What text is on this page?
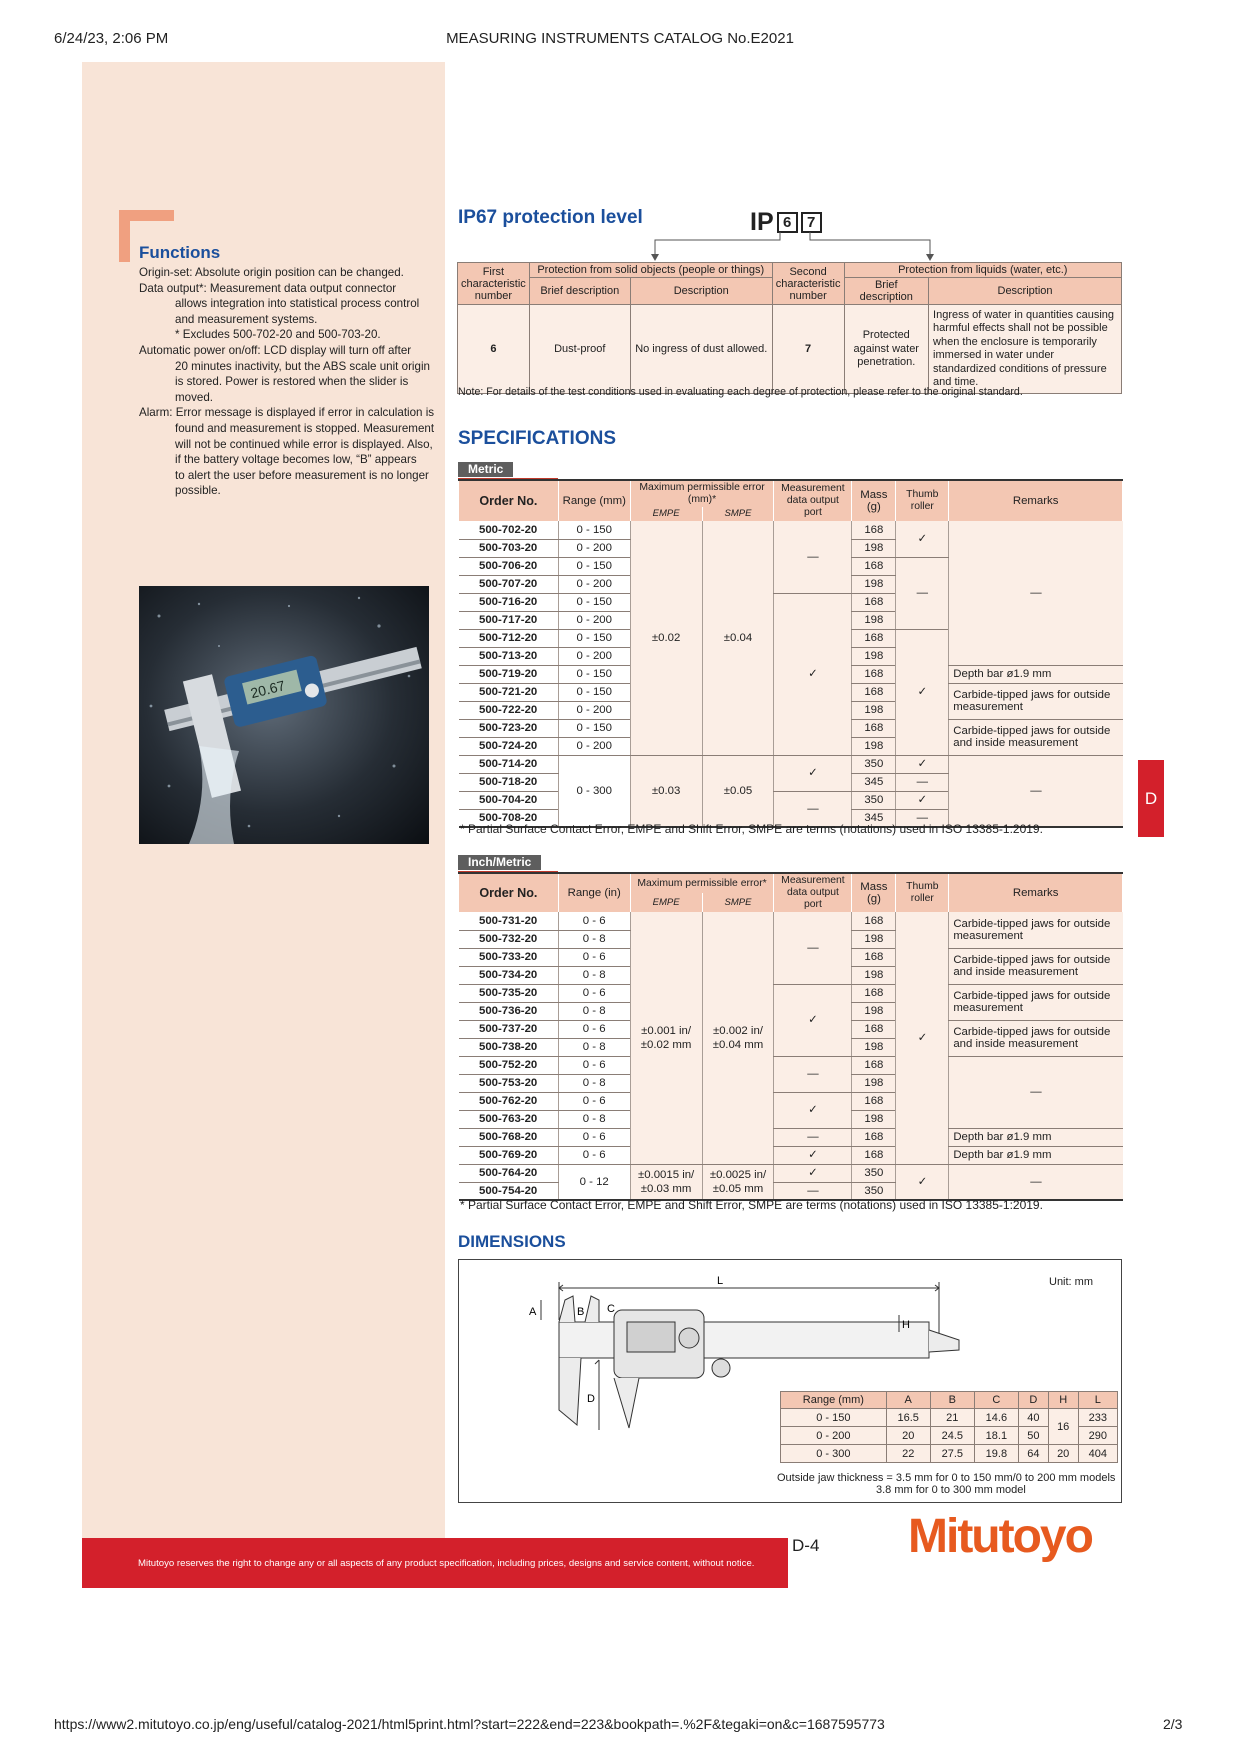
6/24/23, 2:06 PM	MEASURING INSTRUMENTS CATALOG No.E2021
Functions
Origin-set: Absolute origin position can be changed.
Data output*: Measurement data output connector
allows integration into statistical process control
and measurement systems.
* Excludes 500-702-20 and 500-703-20.
Automatic power on/off: LCD display will turn off after
20 minutes inactivity, but the ABS scale unit origin
is stored. Power is restored when the slider is
moved.
Alarm: Error message is displayed if error in calculation is
found and measurement is stopped. Measurement
will not be continued while error is displayed. Also,
if the battery voltage becomes low, “B” appears
to alert the user before measurement is no longer
possible.
20.67
IP67 protection level	IP 6	7
First characteristic number	Protection from solid objects (people or things)		Second characteristic number	Protection from liquids (water, etc.)	
	Brief description	Description		Brief description	Description
6	Dust-proof	No ingress of dust allowed.	7	Protected against water penetration.	Ingress of water in quantities causing harmful effects shall not be possible when the enclosure is temporarily immersed in water under standardized conditions of pressure and time.
Note: For details of the test conditions used in evaluating each degree of protection, please refer to the original standard.
SPECIFICATIONS
Metric
Order No.	Range (mm)	Maximum permissible error (mm)*		Measurement data output port	Mass (g)	Thumb roller	Remarks
		EMPE	SMPE				
500-702-20	0 - 150	±0.02	±0.04	—	168	✓	—
500-703-20	0 - 200				198		
500-706-20	0 - 150				168	—	
500-707-20	0 - 200				198		
500-716-20	0 - 150			✓	168		
500-717-20	0 - 200				198		
500-712-20	0 - 150				168	✓	
500-713-20	0 - 200				198		
500-719-20	0 - 150				168		Depth bar ø1.9 mm
500-721-20	0 - 150				168		Carbide-tipped jaws for outside measurement
500-722-20	0 - 200				198		
500-723-20	0 - 150				168		Carbide-tipped jaws for outside and inside measurement
500-724-20	0 - 200				198		
500-714-20	0 - 300	±0.03	±0.05	✓	350	✓	—
500-718-20					345	—	
500-704-20				—	350	✓	
500-708-20					345	—	
* Partial Surface Contact Error, EMPE and Shift Error, SMPE are terms (notations) used in ISO 13385-1:2019.
Inch/Metric
Order No.	Range (in)	Maximum permissible error*		Measurement data output port	Mass (g)	Thumb roller	Remarks
		EMPE	SMPE				
500-731-20	0 - 6	±0.001 in/ ±0.02 mm	±0.002 in/ ±0.04 mm	—	168	✓	Carbide-tipped jaws for outside measurement
500-732-20	0 - 8				198		
500-733-20	0 - 6				168		Carbide-tipped jaws for outside and inside measurement
500-734-20	0 - 8				198		
500-735-20	0 - 6			✓	168		Carbide-tipped jaws for outside measurement
500-736-20	0 - 8				198		
500-737-20	0 - 6				168		Carbide-tipped jaws for outside and inside measurement
500-738-20	0 - 8				198		
500-752-20	0 - 6			—	168		—
500-753-20	0 - 8				198		
500-762-20	0 - 6			✓	168		
500-763-20	0 - 8				198		
500-768-20	0 - 6			—	168		Depth bar ø1.9 mm
500-769-20	0 - 6			✓	168		Depth bar ø1.9 mm
500-764-20	0 - 12	±0.0015 in/ ±0.03 mm	±0.0025 in/ ±0.05 mm	✓	350	✓	—
500-754-20				—	350		
* Partial Surface Contact Error, EMPE and Shift Error, SMPE are terms (notations) used in ISO 13385-1:2019.
DIMENSIONS
L
A	B C
H
D
Unit: mm
Range (mm)	A	B	C	D	H	L
0 - 150	16.5	21	14.6	40	16	233
0 - 200	20	24.5	18.1	50		290
0 - 300	22	27.5	19.8	64	20	404
Outside jaw thickness = 3.5 mm for 0 to 150 mm/0 to 200 mm models
3.8 mm for 0 to 300 mm model
D
Mitutoyo reserves the right to change any or all aspects of any product specification, including prices, designs and service content, without notice.
D-4 Mitutoyo
https://www2.mitutoyo.co.jp/eng/useful/catalog-2021/html5print.html?start=222&end=223&bookpath=.%2F&tegaki=on&c=1687595773	2/3
